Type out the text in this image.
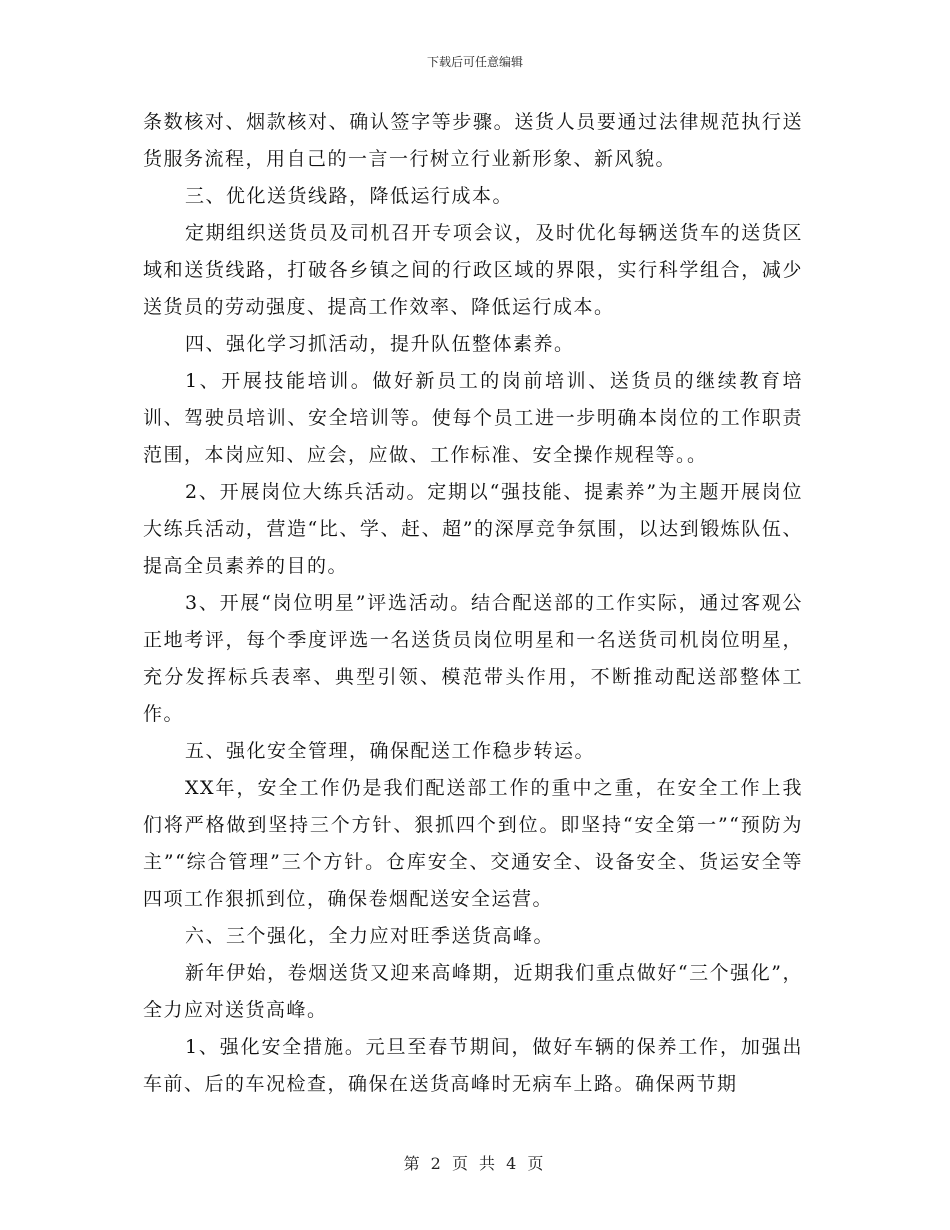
下载后可任意编辑

条数核对、烟款核对、确认签字等步骤。送货人员要通过法律规范执行送货服务流程，用自己的一言一行树立行业新形象、新风貌。

三、优化送货线路，降低运行成本。

定期组织送货员及司机召开专项会议，及时优化每辆送货车的送货区域和送货线路，打破各乡镇之间的行政区域的界限，实行科学组合，减少送货员的劳动强度、提高工作效率、降低运行成本。

四、强化学习抓活动，提升队伍整体素养。

1、开展技能培训。做好新员工的岗前培训、送货员的继续教育培训、驾驶员培训、安全培训等。使每个员工进一步明确本岗位的工作职责范围，本岗应知、应会，应做、工作标准、安全操作规程等。。

2、开展岗位大练兵活动。定期以“强技能、提素养”为主题开展岗位大练兵活动，营造“比、学、赶、超”的深厚竞争氛围，以达到锻炼队伍、提高全员素养的目的。

3、开展“岗位明星”评选活动。结合配送部的工作实际，通过客观公正地考评，每个季度评选一名送货员岗位明星和一名送货司机岗位明星，充分发挥标兵表率、典型引领、模范带头作用，不断推动配送部整体工作。

五、强化安全管理，确保配送工作稳步转运。

XX年，安全工作仍是我们配送部工作的重中之重，在安全工作上我们将严格做到坚持三个方针、狠抓四个到位。即坚持“安全第一”“预防为主”“综合管理”三个方针。仓库安全、交通安全、设备安全、货运安全等四项工作狠抓到位，确保卷烟配送安全运营。

六、三个强化，全力应对旺季送货高峰。

新年伊始，卷烟送货又迎来高峰期，近期我们重点做好“三个强化”，全力应对送货高峰。

1、强化安全措施。元旦至春节期间，做好车辆的保养工作，加强出车前、后的车况检查，确保在送货高峰时无病车上路。确保两节期

第 2 页 共 4 页
